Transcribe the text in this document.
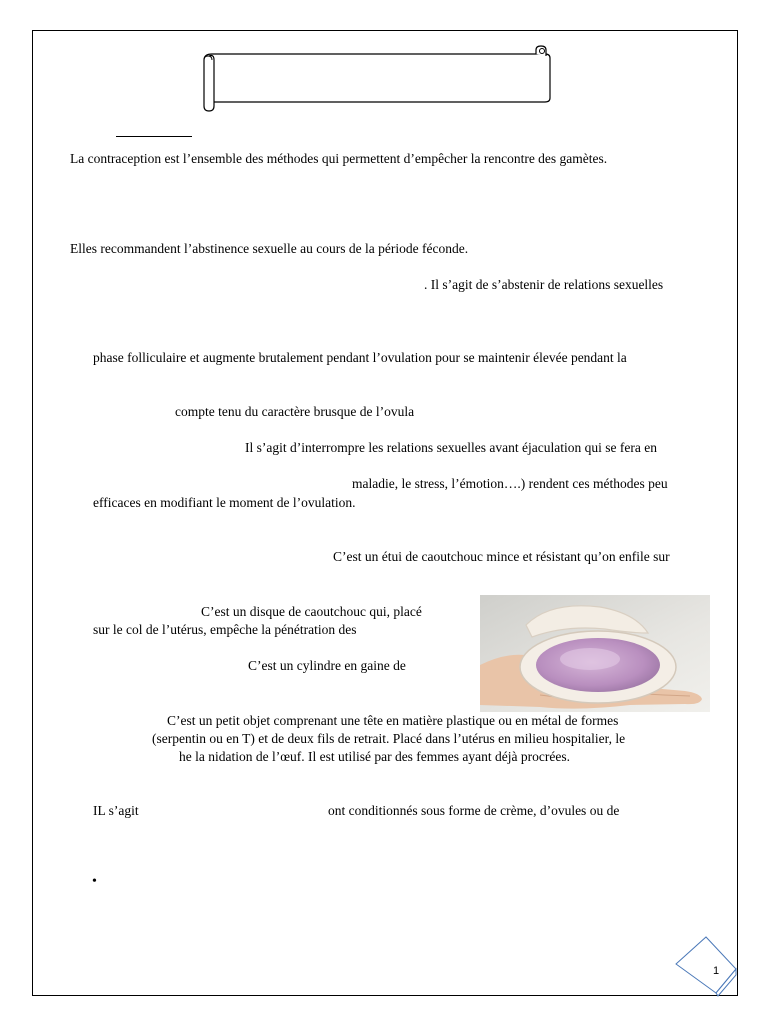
La contraception est l’ensemble des méthodes qui permettent d’empêcher la rencontre des gamètes.
Elles recommandent l’abstinence sexuelle au cours de la période féconde.
. Il s’agit de s’abstenir de relations sexuelles
phase folliculaire et augmente brutalement pendant l’ovulation pour se maintenir élevée pendant la
compte tenu du caractère brusque de l’ovula
Il s’agit d’interrompre les relations sexuelles avant éjaculation qui se fera en
maladie, le stress, l’émotion….) rendent ces méthodes peu
efficaces en modifiant le moment de l’ovulation.
C’est un étui de caoutchouc mince et résistant qu’on enfile sur
C’est un disque de caoutchouc qui, placé
sur le col de l’utérus, empêche la pénétration des
C’est un cylindre en gaine de
C’est un petit objet comprenant une tête en matière plastique ou en métal de formes
(serpentin ou en T) et de deux fils de retrait. Placé dans l’utérus en milieu hospitalier, le
he la nidation de l’œuf. Il est utilisé par des femmes ayant déjà procrées.
IL s’agit	ont conditionnés sous forme de crème, d’ovules ou de
•
1
